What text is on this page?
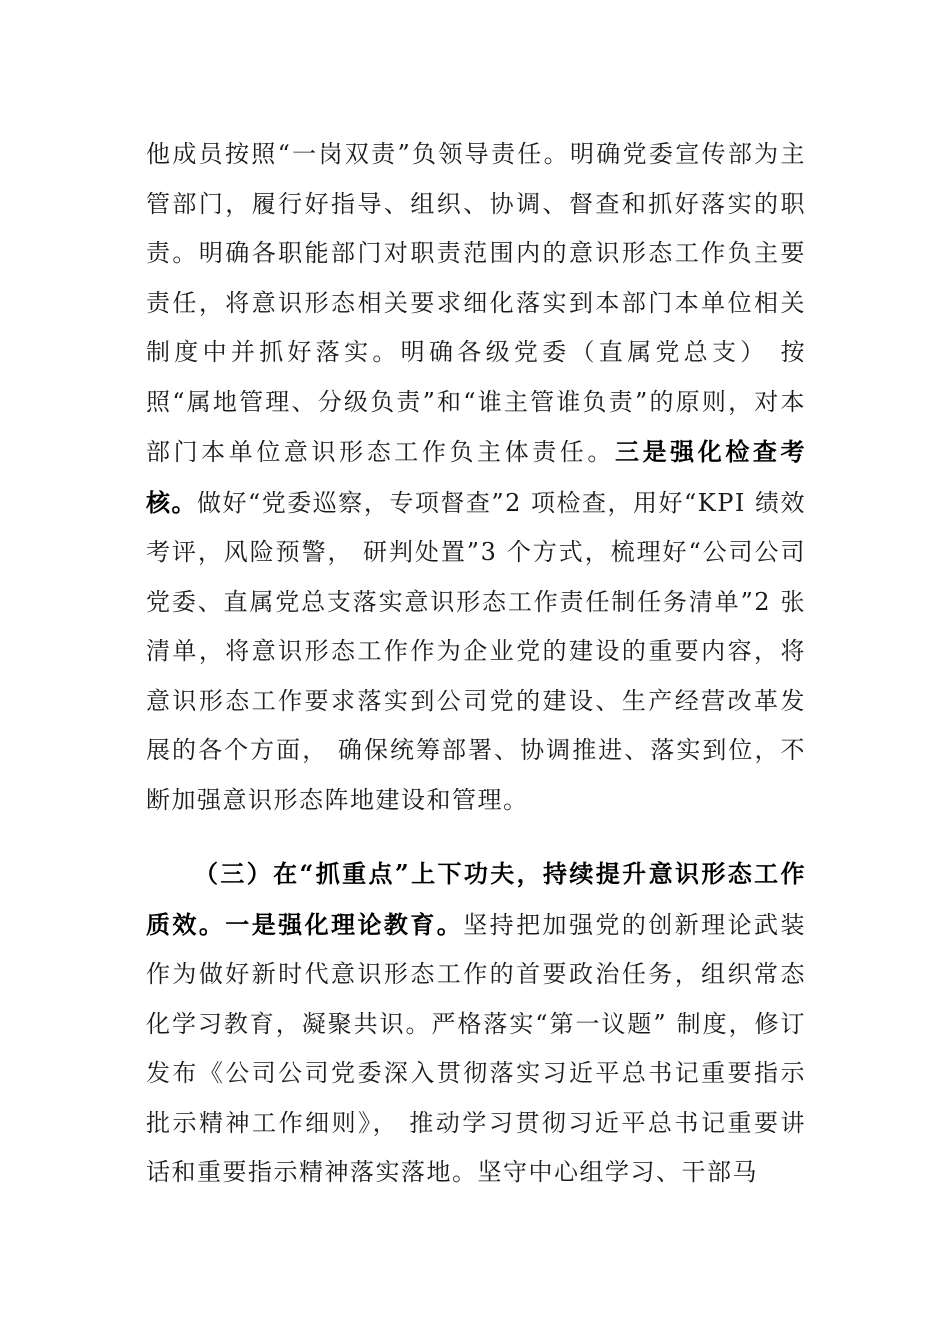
他成员按照“一岗双责”负领导责任。明确党委宣传部为主管部门，履行好指导、组织、协调、督查和抓好落实的职责。明确各职能部门对职责范围内的意识形态工作负主要责任，将意识形态相关要求细化落实到本部门本单位相关制度中并抓好落实。明确各级党委（直属党总支） 按照“属地管理、分级负责”和“谁主管谁负责”的原则，对本部门本单位意识形态工作负主体责任。三是强化检查考核。做好“党委巡察，专项督查”2 项检查，用好“KPI 绩效考评，风险预警， 研判处置”3 个方式，梳理好“公司公司党委、直属党总支落实意识形态工作责任制任务清单”2 张清单，将意识形态工作作为企业党的建设的重要内容，将意识形态工作要求落实到公司党的建设、生产经营改革发展的各个方面， 确保统筹部署、协调推进、落实到位，不断加强意识形态阵地建设和管理。

（三）在“抓重点”上下功夫，持续提升意识形态工作质效。一是强化理论教育。坚持把加强党的创新理论武装作为做好新时代意识形态工作的首要政治任务，组织常态化学习教育，凝聚共识。严格落实“第一议题” 制度，修订发布《公司公司党委深入贯彻落实习近平总书记重要指示批示精神工作细则》， 推动学习贯彻习近平总书记重要讲话和重要指示精神落实落地。坚守中心组学习、干部马
